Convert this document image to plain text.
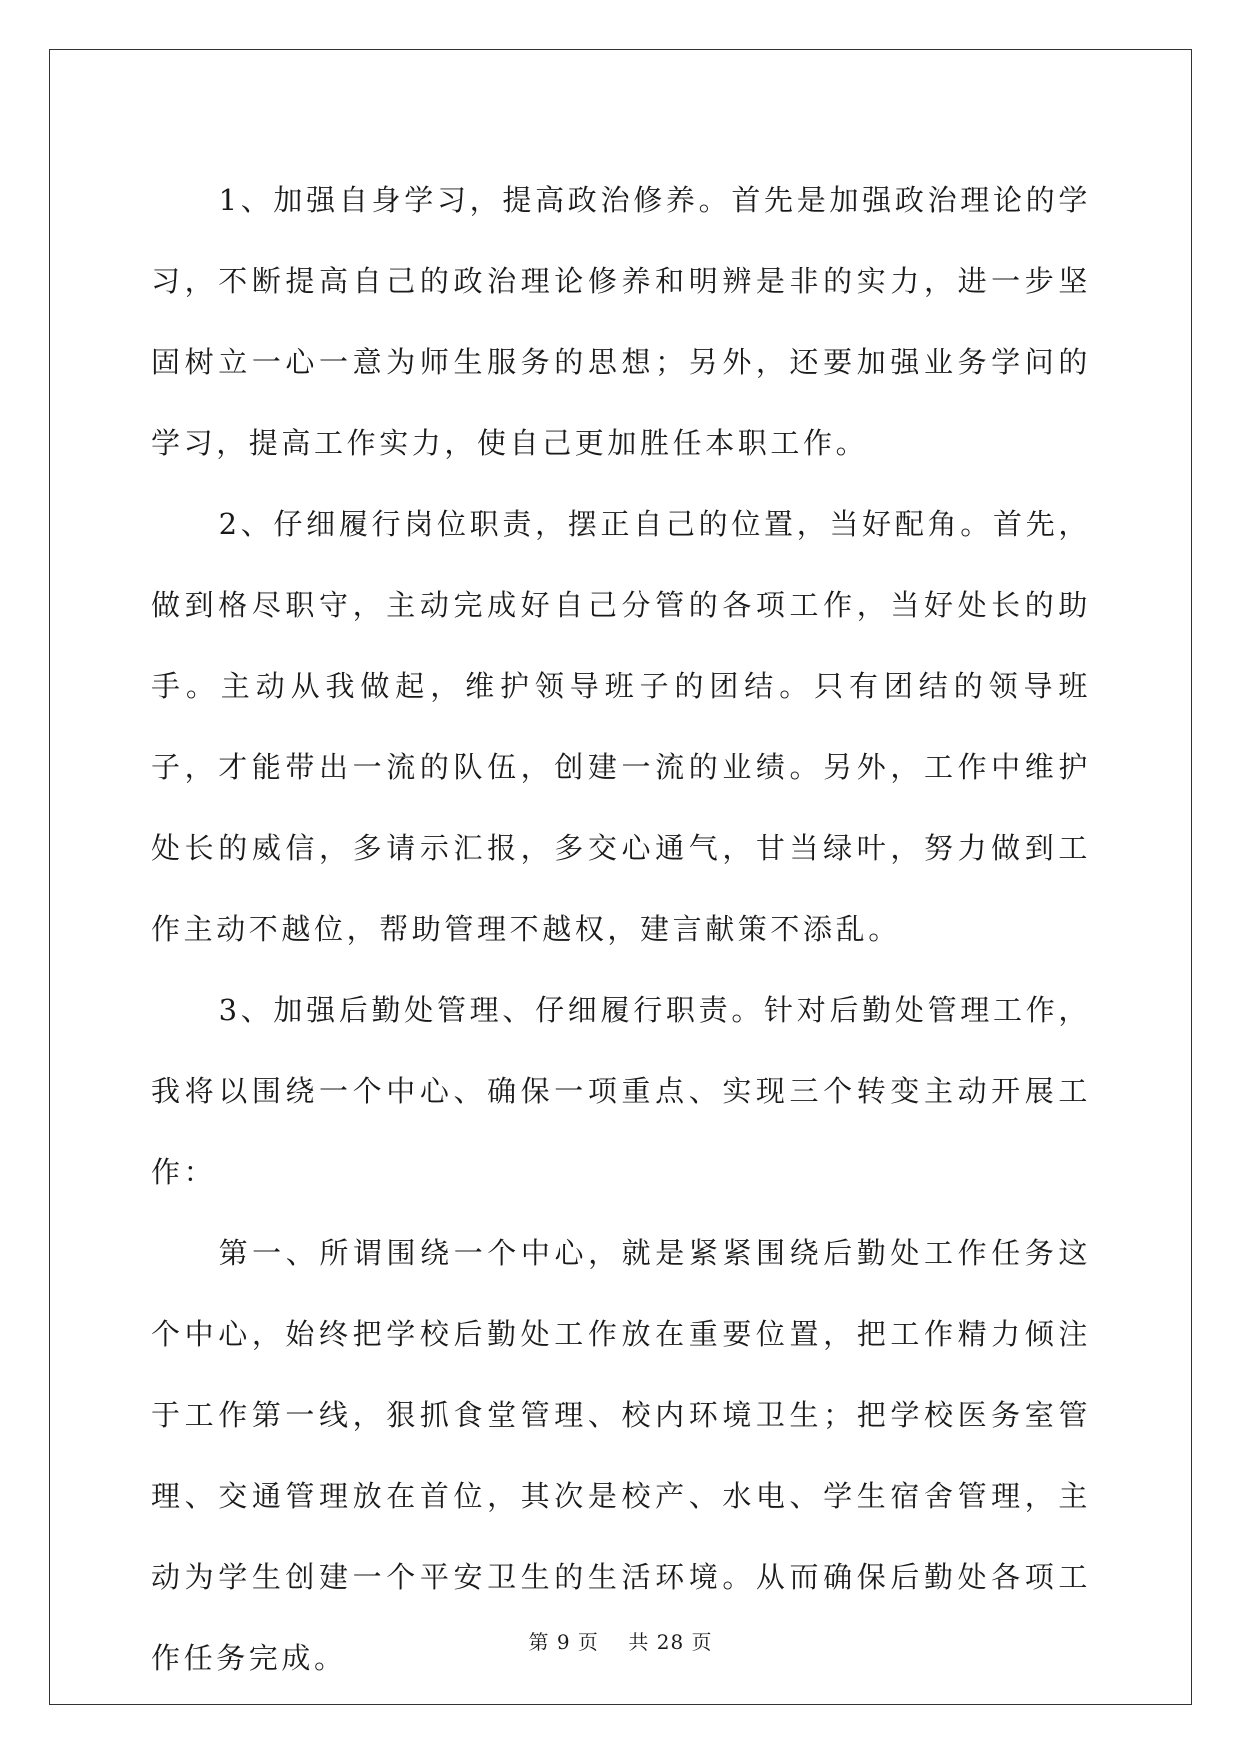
1、加强自身学习，提高政治修养。首先是加强政治理论的学习，不断提高自己的政治理论修养和明辨是非的实力，进一步坚固树立一心一意为师生服务的思想；另外，还要加强业务学问的学习，提高工作实力，使自己更加胜任本职工作。

2、仔细履行岗位职责，摆正自己的位置，当好配角。首先，做到格尽职守，主动完成好自己分管的各项工作，当好处长的助手。主动从我做起，维护领导班子的团结。只有团结的领导班子，才能带出一流的队伍，创建一流的业绩。另外，工作中维护处长的威信，多请示汇报，多交心通气，甘当绿叶，努力做到工作主动不越位，帮助管理不越权，建言献策不添乱。

3、加强后勤处管理、仔细履行职责。针对后勤处管理工作，我将以围绕一个中心、确保一项重点、实现三个转变主动开展工作：

第一、所谓围绕一个中心，就是紧紧围绕后勤处工作任务这个中心，始终把学校后勤处工作放在重要位置，把工作精力倾注于工作第一线，狠抓食堂管理、校内环境卫生；把学校医务室管理、交通管理放在首位，其次是校产、水电、学生宿舍管理，主动为学生创建一个平安卫生的生活环境。从而确保后勤处各项工作任务完成。	第 9 页 共 28 页
